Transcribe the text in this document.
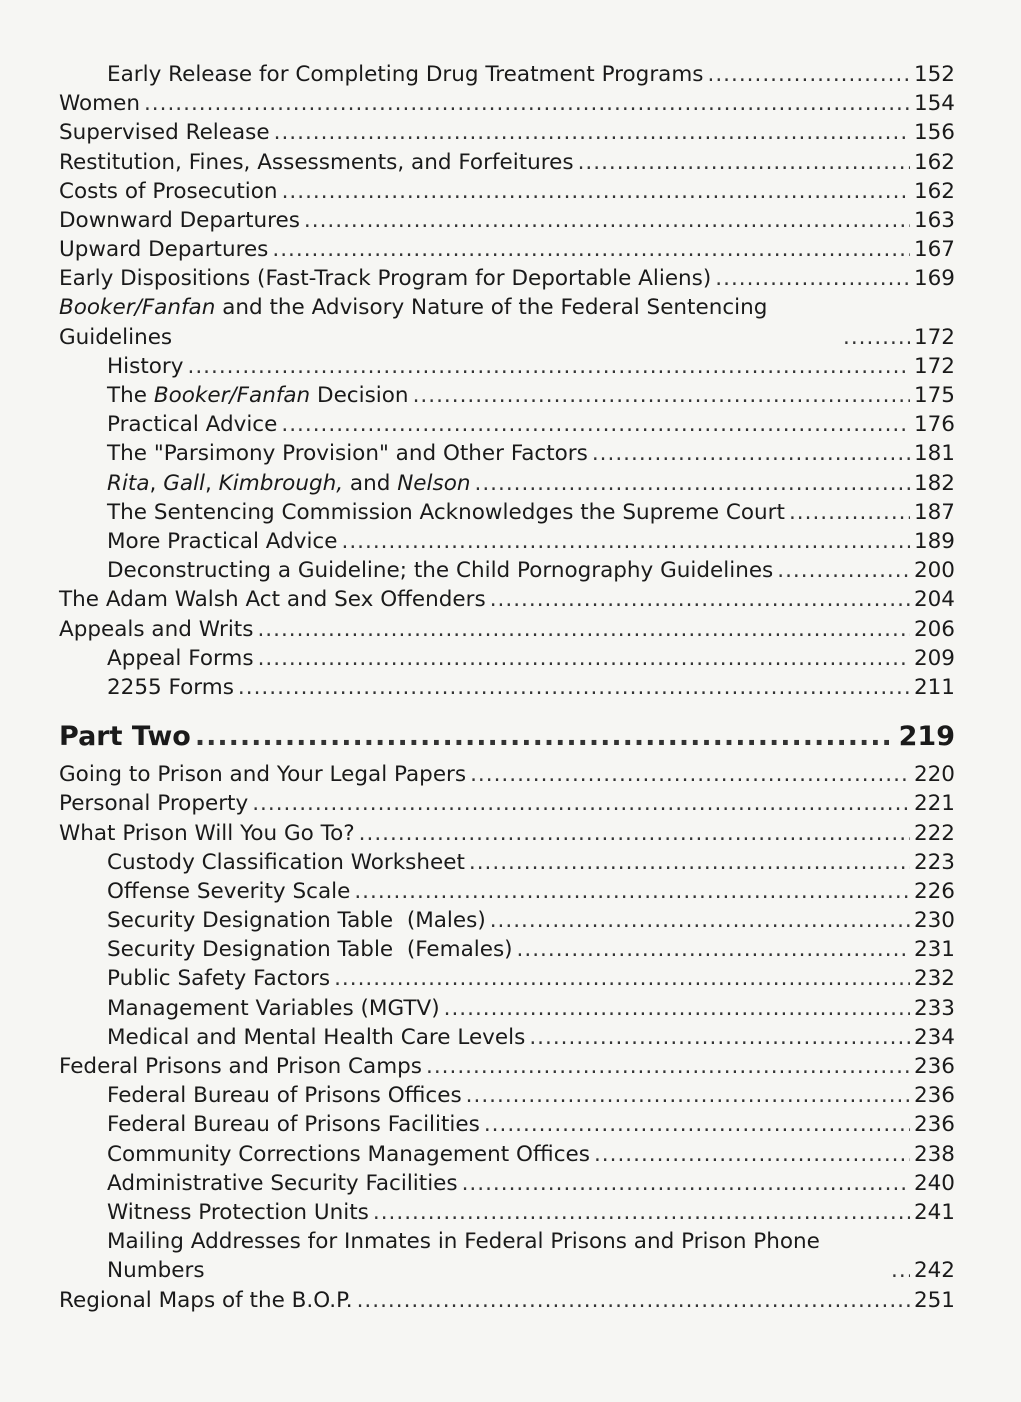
Early Release for Completing Drug Treatment Programs .....	152
Women .....	154
Supervised Release .....	156
Restitution, Fines, Assessments, and Forfeitures .....	162
Costs of Prosecution .....	162
Downward Departures .....	163
Upward Departures .....	167
Early Dispositions (Fast-Track Program for Deportable Aliens) .....	169
Booker/Fanfan and the Advisory Nature of the Federal Sentencing Guidelines .....	172
History .....	172
The Booker/Fanfan Decision .....	175
Practical Advice .....	176
The "Parsimony Provision" and Other Factors .....	181
Rita, Gall, Kimbrough, and Nelson .....	182
The Sentencing Commission Acknowledges the Supreme Court .....	187
More Practical Advice .....	189
Deconstructing a Guideline; the Child Pornography Guidelines .....	200
The Adam Walsh Act and Sex Offenders .....	204
Appeals and Writs .....	206
Appeal Forms .....	209
2255 Forms .....	211
Part Two .....	219
Going to Prison and Your Legal Papers .....	220
Personal Property .....	221
What Prison Will You Go To? .....	222
Custody Classification Worksheet .....	223
Offense Severity Scale .....	226
Security Designation Table  (Males) .....	230
Security Designation Table  (Females) .....	231
Public Safety Factors .....	232
Management Variables (MGTV) .....	233
Medical and Mental Health Care Levels .....	234
Federal Prisons and Prison Camps .....	236
Federal Bureau of Prisons Offices .....	236
Federal Bureau of Prisons Facilities .....	236
Community Corrections Management Offices .....	238
Administrative Security Facilities .....	240
Witness Protection Units .....	241
Mailing Addresses for Inmates in Federal Prisons and Prison Phone Numbers .....	242
Regional Maps of the B.O.P. .....	251
